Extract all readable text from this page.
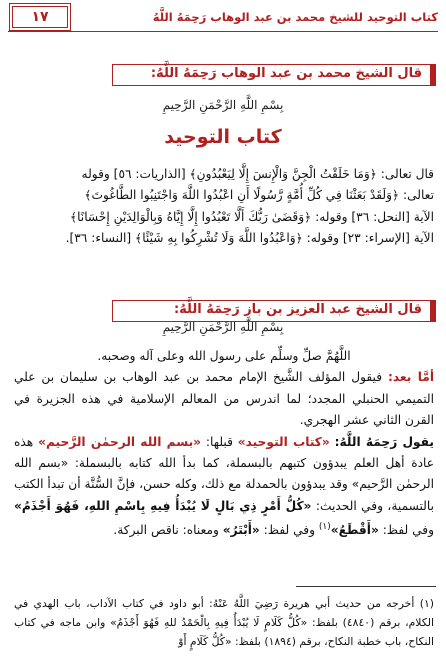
كتاب التوحيد للشيخ محمد بن عبد الوهاب رَحِمَهُ اللَّهُ
١٧
قال الشيخ محمد بن عبد الوهاب رَحِمَهُ اللَّهُ:
بِسْمِ اللَّهِ الرَّحْمَنِ الرَّحِيمِ
كتاب التوحيد

قال تعالى: ﴿وَمَا خَلَقْتُ الْجِنَّ وَالْإِنسَ إِلَّا لِيَعْبُدُونِ﴾ [الذاريات: ٥٦] وقوله

تعالى: ﴿وَلَقَدْ بَعَثْنَا فِي كُلِّ أُمَّةٍ رَّسُولًا أَنِ اعْبُدُوا اللَّهَ وَاجْتَنِبُوا الطَّاغُوتَ﴾

الآية [النحل: ٣٦] وقوله: ﴿وَقَضَىٰ رَبُّكَ أَلَّا تَعْبُدُوا إِلَّا إِيَّاهُ وَبِالْوَالِدَيْنِ إِحْسَانًا﴾

الآية [الإسراء: ٢٣] وقوله: ﴿وَاعْبُدُوا اللَّهَ وَلَا تُشْرِكُوا بِهِ شَيْئًا﴾ [النساء: ٣٦].

قال الشيخ عبد العزيز بن باز رَحِمَهُ اللَّهُ:
بِسْمِ اللَّهِ الرَّحْمَنِ الرَّحِيمِ

اللَّهُمَّ صلِّ وسلِّم على رسول الله وعلى آله وصحبه.

أمَّا بعد: فيقول المؤلف الشَّيخ الإمام محمد بن عبد الوهاب بن سليمان بن علي التميمي الحنبلي المجدد؛ لما اندرس من المعالم الإسلامية في هذه الجزيرة في القرن الثاني عشر الهجري.

يقول رَحِمَهُ اللَّهُ: «كتاب التوحيد» قبلها: «بسم الله الرحمٰن الرَّحيم» هذه عادة أهل العلم يبدؤون كتبهم بالبسملة، كما بدأ الله كتابه بالبسملة: «بسم الله الرحمٰن الرَّحيم» وقد يبدؤون بالحمدلة مع ذلك، وكله حسن، فإنَّ السُّنَّة أن تبدأ الكتب بالتسمية، وفي الحديث: «كُلُّ أَمْرٍ ذِي بَالٍ لَا يُبْدَأُ فِيهِ بِاسْمِ اللهِ، فَهُوَ أَجْذَمُ» وفي لفظ: «أَقْطَعُ»$^{(١)}$ وفي لفظ: «أَبْتَرُ» ومعناه: ناقص البركة.

(١) أخرجه من حديث أبي هريرة رَضِيَ اللَّهُ عَنْهُ: أبو داود في كتاب الآداب، باب الهدي في الكلام، برقم (٤٨٤٠) بلفظ: «كُلُّ كَلَامٍ لَا يُبْدَأُ فِيهِ بِالْحَمْدُ للهِ فَهُوَ أَجْذَمُ» وابن ماجه في كتاب النكاح، باب خطبة النكاح، برقم (١٨٩٤) بلفظ: «كُلُّ كَلَامٍ أَوْ
